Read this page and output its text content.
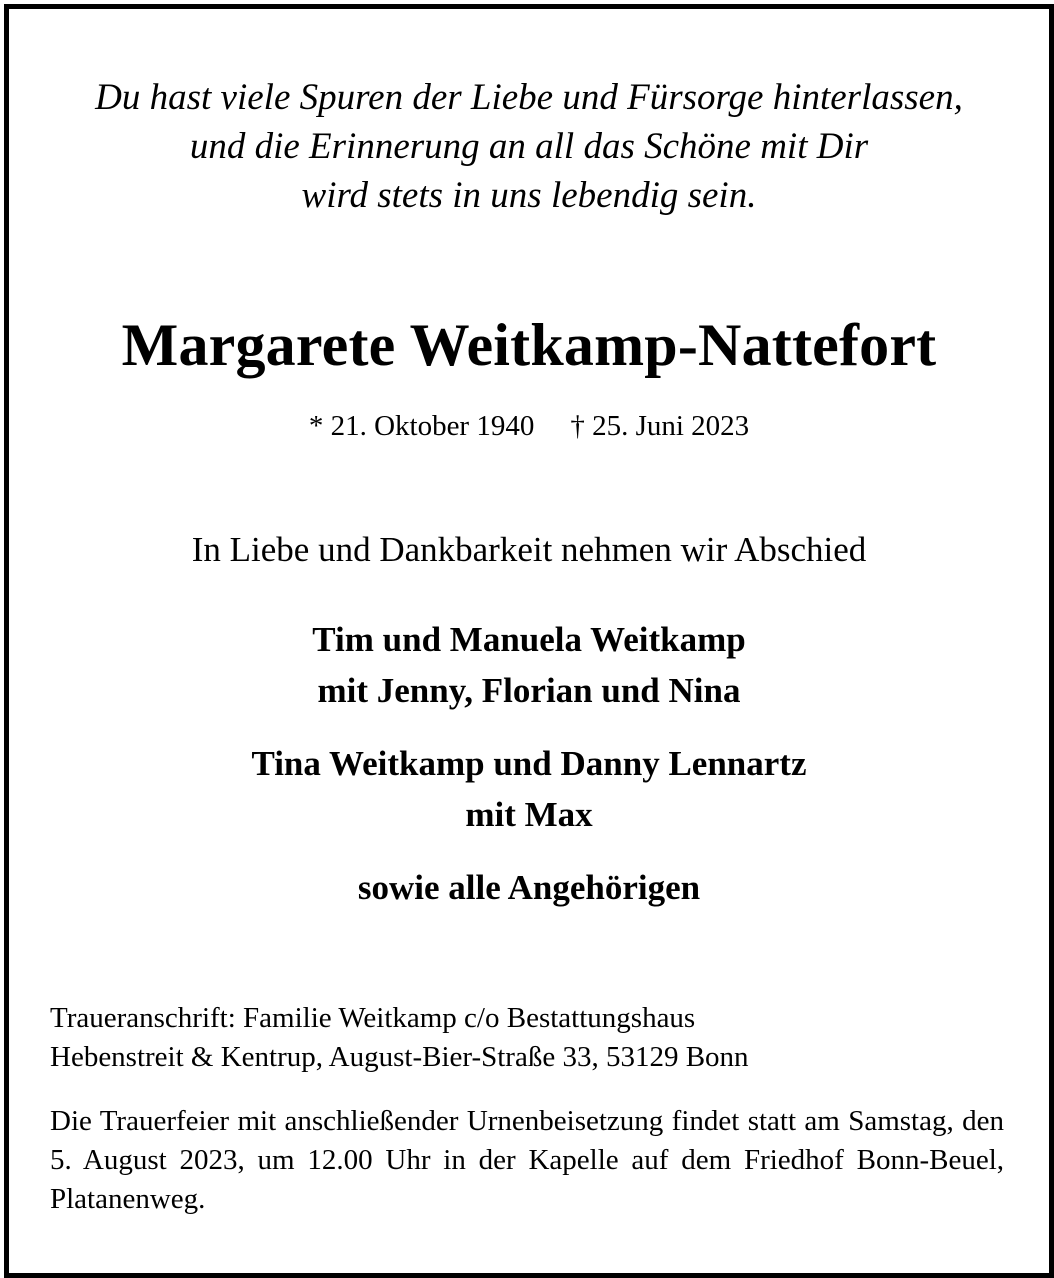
Du hast viele Spuren der Liebe und Fürsorge hinterlassen,
und die Erinnerung an all das Schöne mit Dir
wird stets in uns lebendig sein.
Margarete Weitkamp-Nattefort
* 21. Oktober 1940 † 25. Juni 2023
In Liebe und Dankbarkeit nehmen wir Abschied
Tim und Manuela Weitkamp
mit Jenny, Florian und Nina
Tina Weitkamp und Danny Lennartz
mit Max
sowie alle Angehörigen
Traueranschrift: Familie Weitkamp c/o Bestattungshaus
Hebenstreit & Kentrup, August-Bier-Straße 33, 53129 Bonn
Die Trauerfeier mit anschließender Urnenbeisetzung findet statt am Samstag, den 5. August 2023, um 12.00 Uhr in der Kapelle auf dem Friedhof Bonn-Beuel, Platanenweg.
